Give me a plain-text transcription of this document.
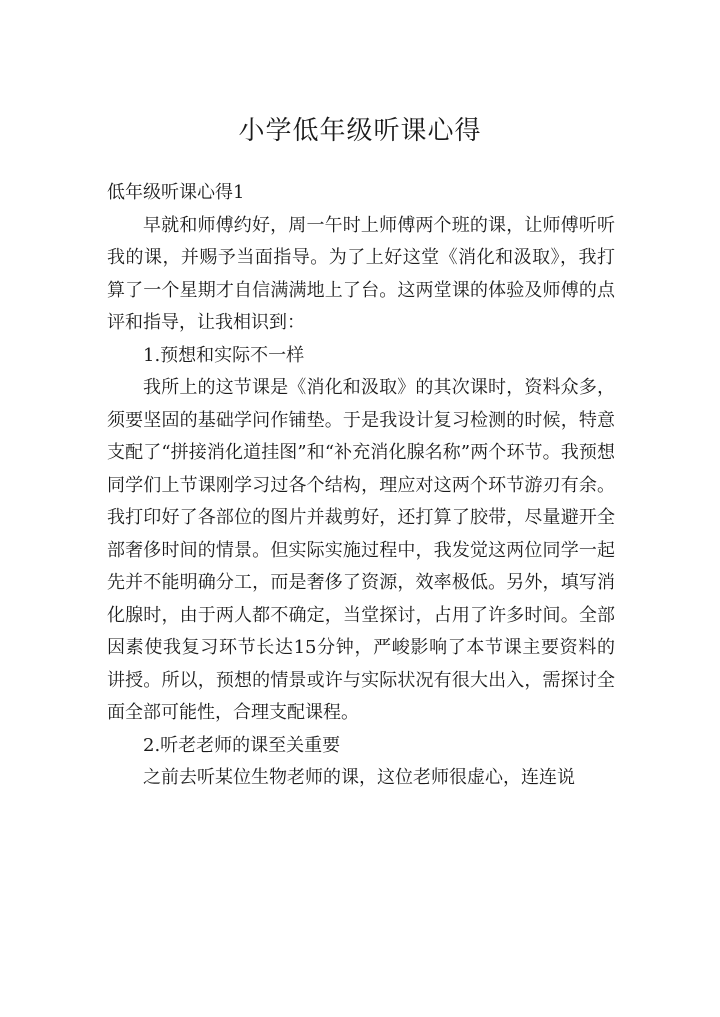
小学低年级听课心得

低年级听课心得1

早就和师傅约好，周一午时上师傅两个班的课，让师傅听听我的课，并赐予当面指导。为了上好这堂《消化和汲取》，我打算了一个星期才自信满满地上了台。这两堂课的体验及师傅的点评和指导，让我相识到：

1.预想和实际不一样

我所上的这节课是《消化和汲取》的其次课时，资料众多，须要坚固的基础学问作铺垫。于是我设计复习检测的时候，特意支配了“拼接消化道挂图”和“补充消化腺名称”两个环节。我预想同学们上节课刚学习过各个结构，理应对这两个环节游刃有余。我打印好了各部位的图片并裁剪好，还打算了胶带，尽量避开全部奢侈时间的情景。但实际实施过程中，我发觉这两位同学一起先并不能明确分工，而是奢侈了资源，效率极低。另外，填写消化腺时，由于两人都不确定，当堂探讨，占用了许多时间。全部因素使我复习环节长达15分钟，严峻影响了本节课主要资料的讲授。所以，预想的情景或许与实际状况有很大出入，需探讨全面全部可能性，合理支配课程。

2.听老老师的课至关重要

之前去听某位生物老师的课，这位老师很虚心，连连说
